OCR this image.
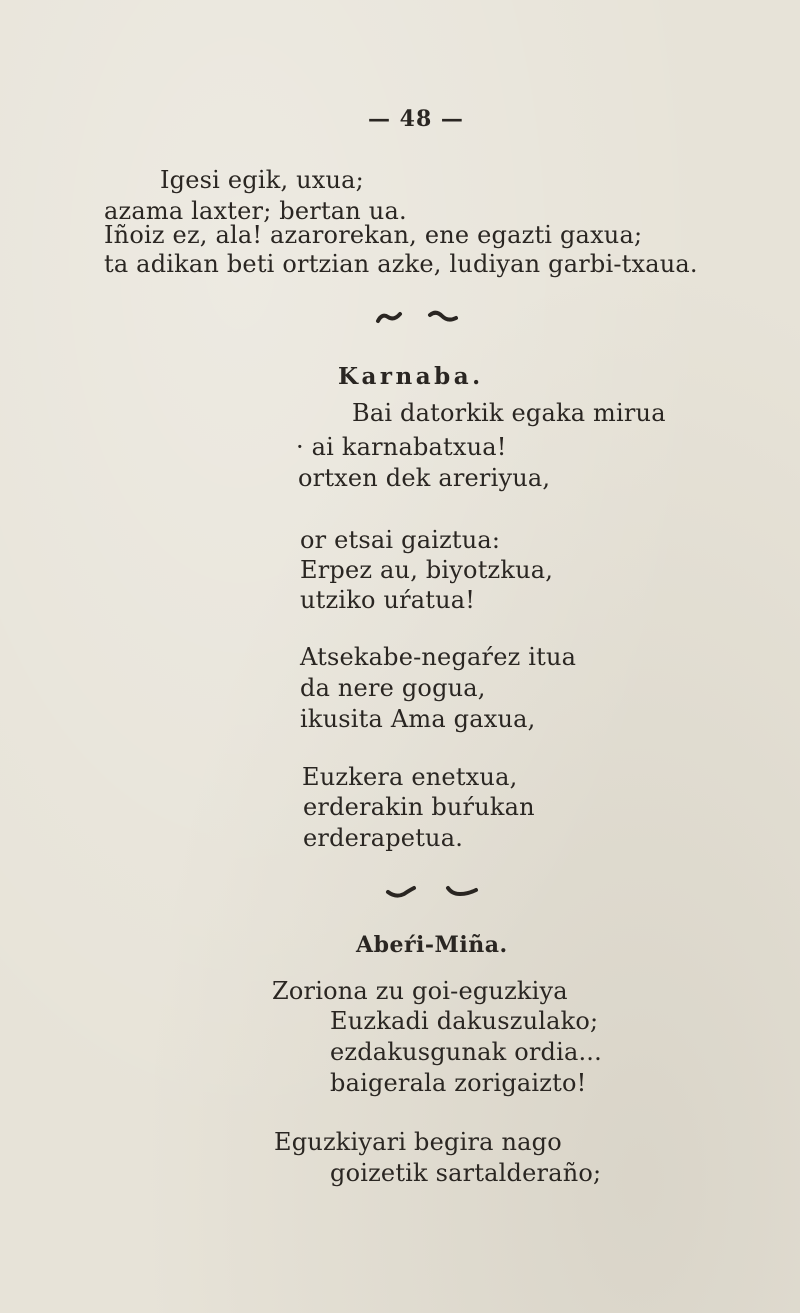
— 48 —
Igesi egik, uxua;
azama laxter; bertan ua.
Iñoiz ez, ala! azarorekan, ene egazti gaxua;
ta adikan beti ortzian azke, ludiyan garbi-txaua.
Karnaba.
Bai datorkik egaka mirua
· ai karnabatxua!
ortxen dek areriyua,
or etsai gaiztua:
Erpez au, biyotzkua,
utziko uŕatua!
Atsekabe-negaŕez itua
da nere gogua,
ikusita Ama gaxua,
Euzkera enetxua,
erderakin buŕukan
erderapetua.
Abeŕi-Miña.
Zoriona zu goi-eguzkiya
Euzkadi dakuszulako;
ezdakusgunak ordia...
baigerala zorigaizto!
Eguzkiyari begira nago
goizetik sartalderaño;
